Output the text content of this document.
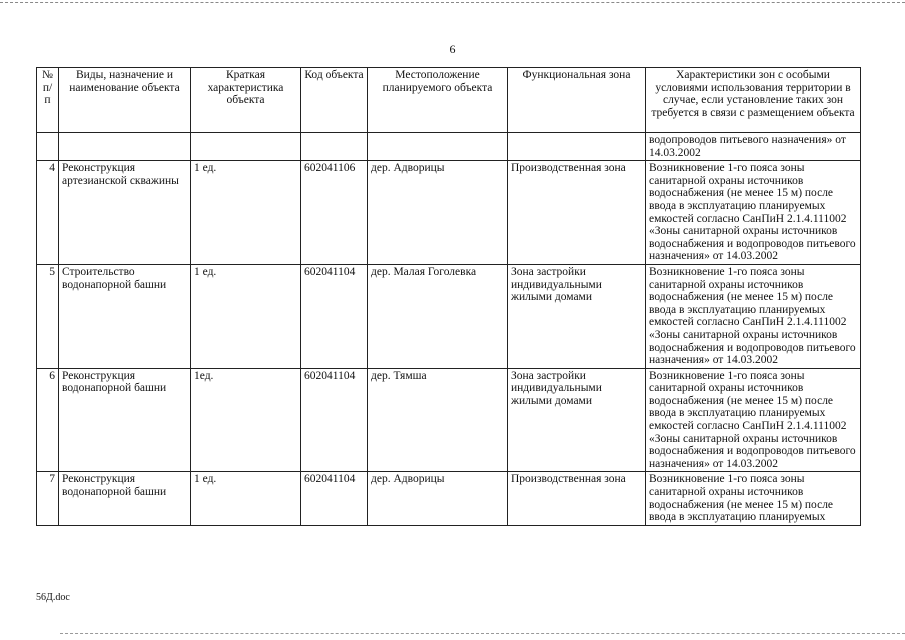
6
№ п/п	Виды, назначение и наименование объекта	Краткая характеристика объекта	Код объекта	Местоположение планируемого объекта	Функциональная зона	Характеристики зон с особыми условиями использования территории в случае, если установление таких зон требуется в связи с размещением объекта
						водопроводов питьевого назначения» от 14.03.2002
4	Реконструкция артезианской скважины	1 ед.	602041106	дер. Адворицы	Производственная зона	Возникновение 1-го пояса зоны санитарной охраны источников водоснабжения (не менее 15 м) после ввода в эксплуатацию планируемых емкостей согласно СанПиН 2.1.4.111002 «Зоны санитарной охраны источников водоснабжения и водопроводов питьевого назначения» от 14.03.2002
5	Строительство водонапорной башни	1 ед.	602041104	дер. Малая Гоголевка	Зона застройки индивидуальными жилыми домами	Возникновение 1-го пояса зоны санитарной охраны источников водоснабжения (не менее 15 м) после ввода в эксплуатацию планируемых емкостей согласно СанПиН 2.1.4.111002 «Зоны санитарной охраны источников водоснабжения и водопроводов питьевого назначения» от 14.03.2002
6	Реконструкция водонапорной башни	1ед.	602041104	дер. Тямша	Зона застройки индивидуальными жилыми домами	Возникновение 1-го пояса зоны санитарной охраны источников водоснабжения (не менее 15 м) после ввода в эксплуатацию планируемых емкостей согласно СанПиН 2.1.4.111002 «Зоны санитарной охраны источников водоснабжения и водопроводов питьевого назначения» от 14.03.2002
7	Реконструкция водонапорной башни	1 ед.	602041104	дер. Адворицы	Производственная зона	Возникновение 1-го пояса зоны санитарной охраны источников водоснабжения (не менее 15 м) после ввода в эксплуатацию планируемых
56Д.doc
